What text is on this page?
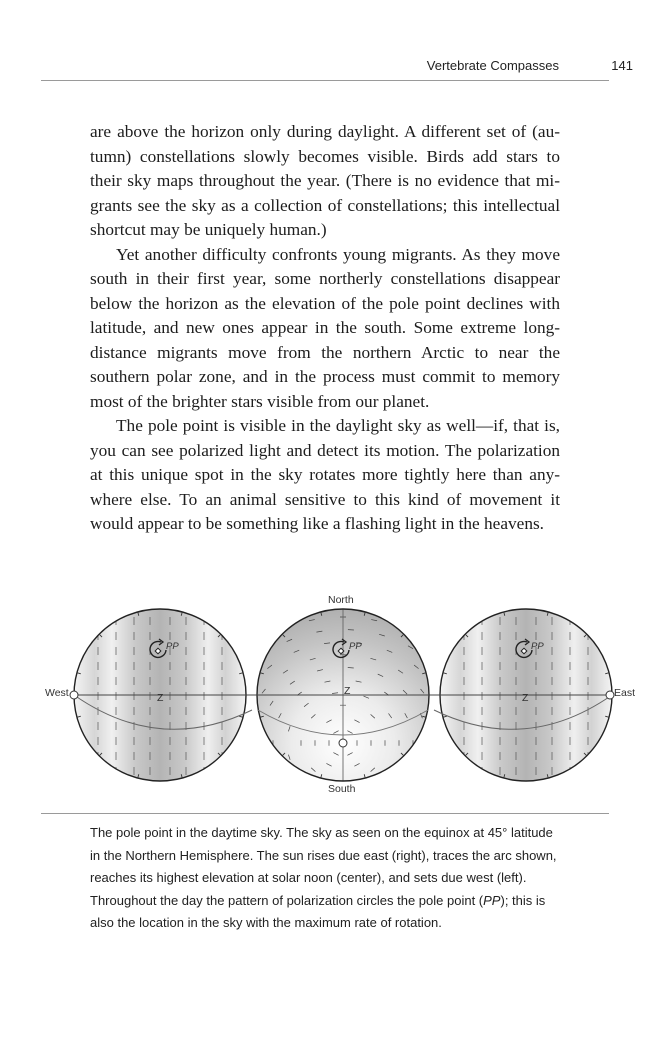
Vertebrate Compasses	141

are above the horizon only during daylight. A different set of (autumn) constellations slowly becomes visible. Birds add stars to their sky maps throughout the year. (There is no evidence that migrants see the sky as a collection of constellations; this intellectual shortcut may be uniquely human.)

Yet another difficulty confronts young migrants. As they move south in their first year, some northerly constellations disappear below the horizon as the elevation of the pole point declines with latitude, and new ones appear in the south. Some extreme long-distance migrants move from the northern Arctic to near the southern polar zone, and in the process must commit to memory most of the brighter stars visible from our planet.

The pole point is visible in the daylight sky as well—if, that is, you can see polarized light and detect its motion. The polarization at this unique spot in the sky rotates more tightly here than anywhere else. To an animal sensitive to this kind of movement it would appear to be something like a flashing light in the heavens.

North
South
West	East
PP	PP	PP
Z
Z
Z
The pole point in the daytime sky. The sky as seen on the equinox at 45° latitude in the Northern Hemisphere. The sun rises due east (right), traces the arc shown, reaches its highest elevation at solar noon (center), and sets due west (left). Throughout the day the pattern of polarization circles the pole point (PP); this is also the location in the sky with the maximum rate of rotation.
